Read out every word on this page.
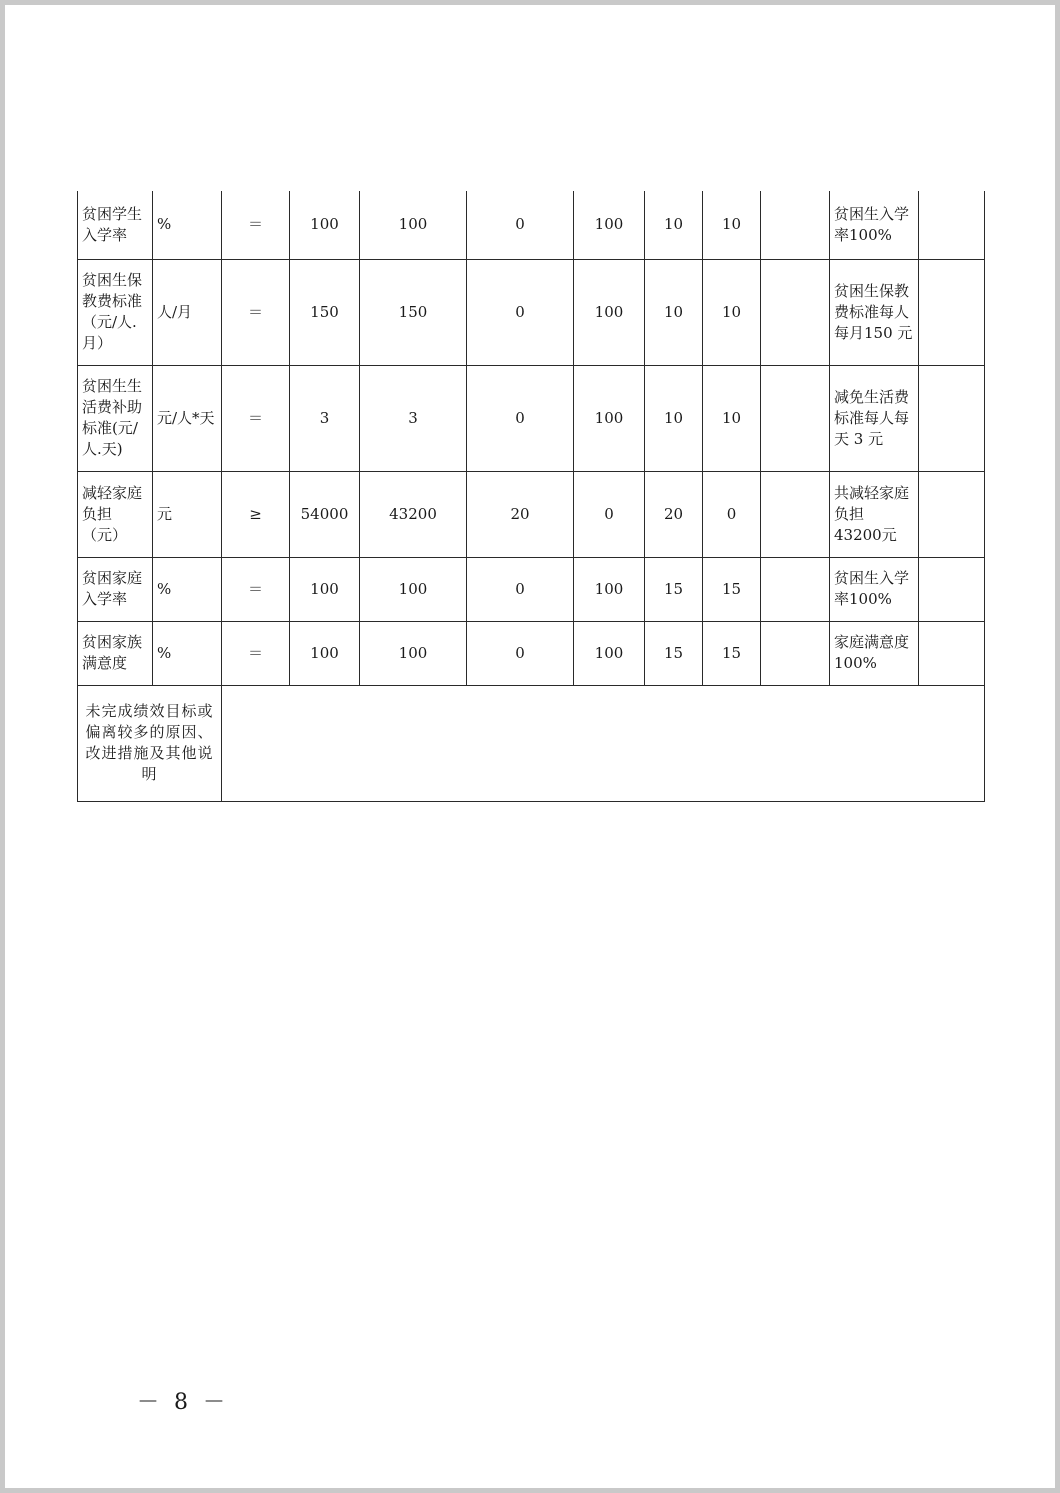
贫困学生入学率	%	＝	100	100	0	100	10	10		贫困生入学率100%	
贫困生保教费标准（元/人.月）	人/月	＝	150	150	0	100	10	10		贫困生保教费标准每人每月150 元	
贫困生生活费补助标准(元/人.天)	元/人*天	＝	3	3	0	100	10	10		减免生活费标准每人每天 3 元	
减轻家庭负担（元）	元	≥	54000	43200	20	0	20	0		共减轻家庭负担 43200元	
贫困家庭入学率	%	＝	100	100	0	100	15	15		贫困生入学率100%	
贫困家族满意度	%	＝	100	100	0	100	15	15		家庭满意度100%	
未完成绩效目标或偏离较多的原因、改进措施及其他说明											
－ 8 －
